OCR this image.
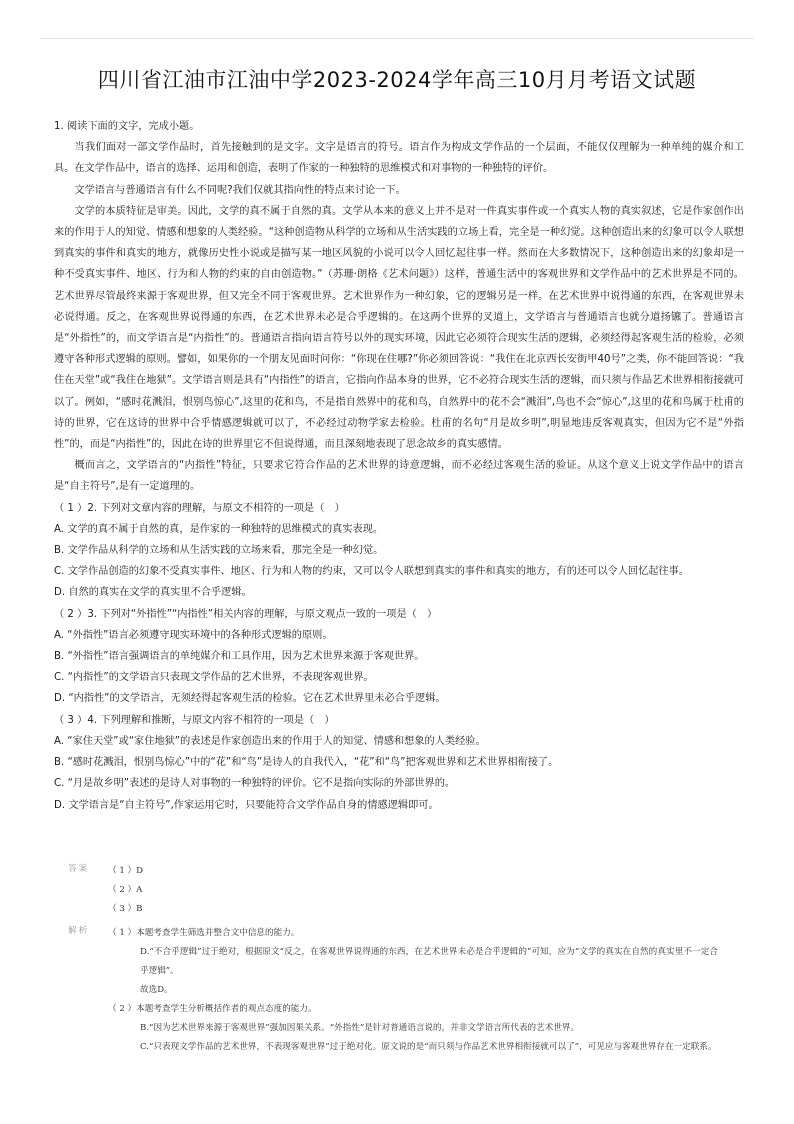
四川省江油市江油中学2023-2024学年高三10月月考语文试题

1. 阅读下面的文字，完成小题。

当我们面对一部文学作品时，首先接触到的是文字。文字是语言的符号。语言作为构成文学作品的一个层面，不能仅仅理解为一种单纯的媒介和工具。在文学作品中，语言的选择、运用和创造，表明了作家的一种独特的思维模式和对事物的一种独特的评价。

文学语言与普通语言有什么不同呢?我们仅就其指向性的特点来讨论一下。

文学的本质特征是审美。因此，文学的真不属于自然的真。文学从本来的意义上并不是对一件真实事件或一个真实人物的真实叙述，它是作家创作出来的作用于人的知觉、情感和想象的人类经验。“这种创造物从科学的立场和从生活实践的立场上看，完全是一种幻觉。这种创造出来的幻象可以令人联想到真实的事件和真实的地方，就像历史性小说或是描写某一地区风貌的小说可以令人回忆起往事一样。然而在大多数情况下，这种创造出来的幻象却是一种不受真实事件、地区、行为和人物的约束的自由创造物。”（苏珊·朗格《艺术问题》）这样，普通生活中的客观世界和文学作品中的艺术世界是不同的。艺术世界尽管最终来源于客观世界，但又完全不同于客观世界。艺术世界作为一种幻象，它的逻辑另是一样。在艺术世界中说得通的东西，在客观世界未必说得通。反之，在客观世界说得通的东西，在艺术世界未必是合乎逻辑的。在这两个世界的叉道上，文学语言与普通语言也就分道扬镳了。普通语言是“外指性”的，而文学语言是“内指性”的。普通语言指向语言符号以外的现实环境，因此它必须符合现实生活的逻辑，必须经得起客观生活的检验，必须遵守各种形式逻辑的原则。譬如，如果你的一个朋友见面时问你：“你现在住哪?”你必须回答说：“我住在北京西长安街甲40号”之类，你不能回答说：“我住在天堂”或“我住在地狱”。文学语言则是具有“内指性”的语言，它指向作品本身的世界，它不必符合现实生活的逻辑，而只须与作品艺术世界相衔接就可以了。例如，“感时花溅泪，恨别鸟惊心”,这里的花和鸟，不是指自然界中的花和鸟，自然界中的花不会“溅泪”,鸟也不会“惊心”,这里的花和鸟属于杜甫的诗的世界，它在这诗的世界中合乎情感逻辑就可以了，不必经过动物学家去检验。杜甫的名句“月是故乡明”,明显地违反客观真实，但因为它不是“外指性”的，而是“内指性”的，因此在诗的世界里它不但说得通，而且深刻地表现了思念故乡的真实感情。

概而言之，文学语言的“内指性”特征，只要求它符合作品的艺术世界的诗意逻辑，而不必经过客观生活的验证。从这个意义上说文学作品中的语言是“自主符号”,是有一定道理的。

（ 1 ）2. 下列对文章内容的理解，与原文不相符的一项是（　）

A. 文学的真不属于自然的真，是作家的一种独特的思维模式的真实表现。

B. 文学作品从科学的立场和从生活实践的立场来看，那完全是一种幻觉。

C. 文学作品创造的幻象不受真实事件、地区、行为和人物的约束，又可以令人联想到真实的事件和真实的地方，有的还可以令人回忆起往事。

D. 自然的真实在文学的真实里不合乎逻辑。

（ 2 ）3. 下列对“外指性”“内指性”相关内容的理解，与原文观点一致的一项是（　）

A. “外指性”语言必须遵守现实环境中的各种形式逻辑的原则。

B. “外指性”语言强调语言的单纯媒介和工具作用，因为艺术世界来源于客观世界。

C. “内指性”的文学语言只表现文学作品的艺术世界，不表现客观世界。

D. “内指性”的文学语言，无须经得起客观生活的检验。它在艺术世界里未必合乎逻辑。

（ 3 ）4. 下列理解和推断，与原文内容不相符的一项是（　）

A. “家住天堂”或“家住地狱”的表述是作家创造出来的作用于人的知觉、情感和想象的人类经验。

B. “感时花溅泪，恨别鸟惊心”中的“花”和“鸟”是诗人的自我代入，“花”和“鸟”把客观世界和艺术世界相衔接了。

C. “月是故乡明”表述的是诗人对事物的一种独特的评价。它不是指向实际的外部世界的。

D. 文学语言是“自主符号”,作家运用它时，只要能符合文学作品自身的情感逻辑即可。

答案	（ 1 ）D
（ 2 ）A
（ 3 ）B
解析	（ 1 ）本题考查学生筛选并整合文中信息的能力。
D.“不合乎逻辑”过于绝对，根据原文“反之，在客观世界说得通的东西，在艺术世界未必是合乎逻辑的”可知，应为“文学的真实在自然的真实里不一定合乎逻辑”。
故选D。
（ 2 ）本题考查学生分析概括作者的观点态度的能力。
B.“因为艺术世界来源于客观世界”强加因果关系。“外指性”是针对普通语言说的，并非文学语言所代表的艺术世界。
C.“只表现文学作品的艺术世界，不表现客观世界”过于绝对化。原文说的是“而只须与作品艺术世界相衔接就可以了”，可见应与客观世界存在一定联系。
